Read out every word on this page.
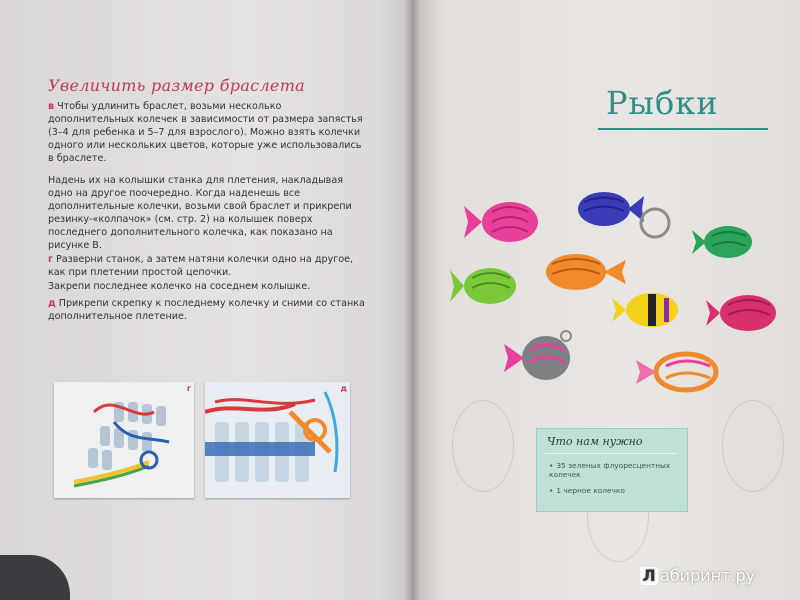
Увеличить размер браслета

в Чтобы удлинить браслет, возьми несколько дополнительных колечек в зависимости от размера запястья (3–4 для ребенка и 5–7 для взрослого). Можно взять колечки одного или нескольких цветов, которые уже использовались в браслете.

Надень их на колышки станка для плетения, накладывая одно на другое поочередно. Когда наденешь все дополнительные колечки, возьми свой браслет и прикрепи резинку-«колпачок» (см. стр. 2) на колышек поверх последнего дополнительного колечка, как показано на рисунке В.

г Разверни станок, а затем натяни колечки одно на другое, как при плетении простой цепочки.

Закрепи последнее колечко на соседнем колышке.

д Прикрепи скрепку к последнему колечку и сними со станка дополнительное плетение.

г	д
Рыбки
Что нам нужно
• 35 зеленых флуоресцентных колечек
• 1 черное колечко
Л абиринт.ру
